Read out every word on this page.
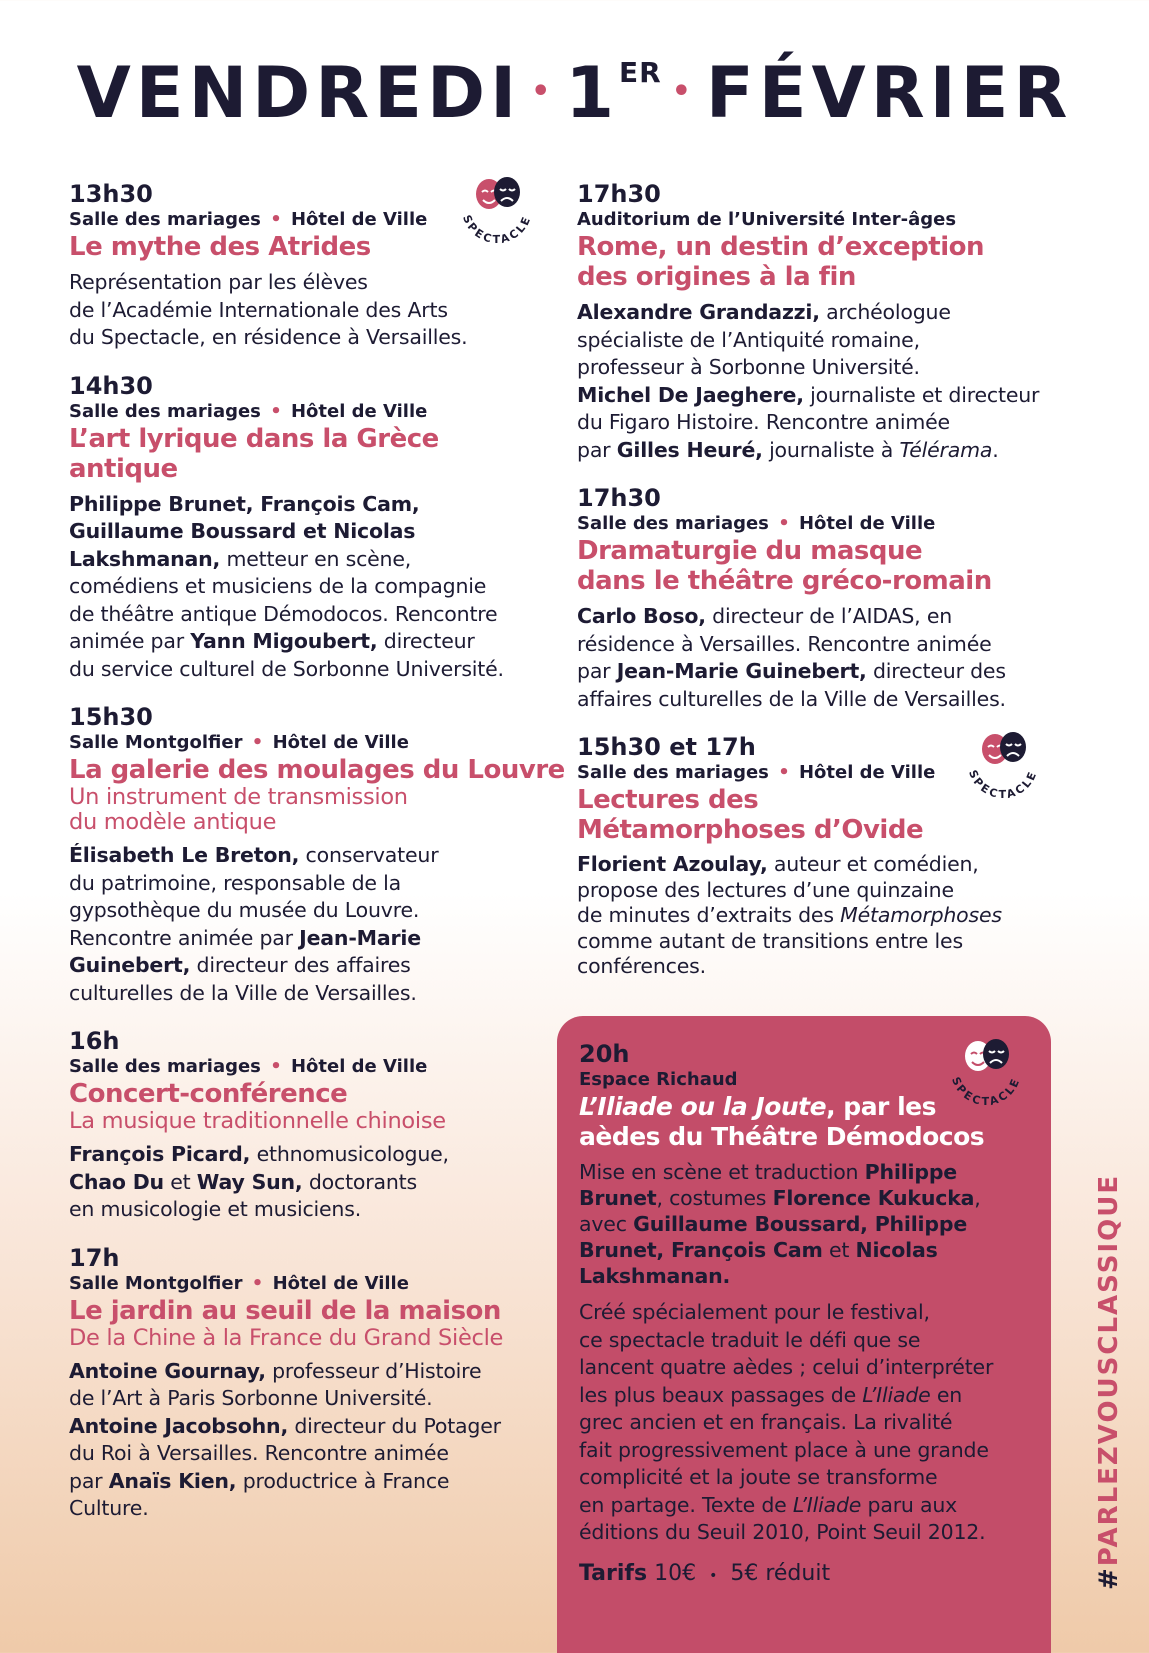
VENDREDI • 1ER• FÉVRIER
SPECTACLE
13h30
Salle des mariages • Hôtel de Ville
Le mythe des Atrides
Représentation par les élèves
de l’Académie Internationale des Arts
du Spectacle, en résidence à Versailles.
14h30
Salle des mariages • Hôtel de Ville
L’art lyrique dans la Grèce antique
Philippe Brunet, François Cam,
Guillaume Boussard et Nicolas
Lakshmanan, metteur en scène,
comédiens et musiciens de la compagnie
de théâtre antique Démodocos. Rencontre
animée par Yann Migoubert, directeur
du service culturel de Sorbonne Université.
15h30
Salle Montgolfier • Hôtel de Ville
La galerie des moulages du Louvre
Un instrument de transmission
du modèle antique
Élisabeth Le Breton, conservateur
du patrimoine, responsable de la
gypsothèque du musée du Louvre.
Rencontre animée par Jean-Marie
Guinebert, directeur des affaires
culturelles de la Ville de Versailles.
16h
Salle des mariages • Hôtel de Ville
Concert-conférence
La musique traditionnelle chinoise
François Picard, ethnomusicologue,
Chao Du et Way Sun, doctorants
en musicologie et musiciens.
17h
Salle Montgolfier • Hôtel de Ville
Le jardin au seuil de la maison
De la Chine à la France du Grand Siècle
Antoine Gournay, professeur d’Histoire
de l’Art à Paris Sorbonne Université.
Antoine Jacobsohn, directeur du Potager
du Roi à Versailles. Rencontre animée
par Anaïs Kien, productrice à France
Culture.
17h30
Auditorium de l’Université Inter-âges
Rome, un destin d’exception
des origines à la fin
Alexandre Grandazzi, archéologue
spécialiste de l’Antiquité romaine,
professeur à Sorbonne Université.
Michel De Jaeghere, journaliste et directeur
du Figaro Histoire. Rencontre animée
par Gilles Heuré, journaliste à Télérama.
17h30
Salle des mariages • Hôtel de Ville
Dramaturgie du masque
dans le théâtre gréco-romain
Carlo Boso, directeur de l’AIDAS, en
résidence à Versailles. Rencontre animée
par Jean-Marie Guinebert, directeur des
affaires culturelles de la Ville de Versailles.
SPECTACLE
15h30 et 17h
Salle des mariages • Hôtel de Ville
Lectures des
Métamorphoses d’Ovide
Florient Azoulay, auteur et comédien,
propose des lectures d’une quinzaine
de minutes d’extraits des Métamorphoses
comme autant de transitions entre les
conférences.
SPECTACLE
20h
Espace Richaud
L’Iliade ou la Joute, par les
aèdes du Théâtre Démodocos
Mise en scène et traduction Philippe
Brunet, costumes Florence Kukucka,
avec Guillaume Boussard, Philippe
Brunet, François Cam et Nicolas
Lakshmanan.
Créé spécialement pour le festival,
ce spectacle traduit le défi que se
lancent quatre aèdes ; celui d’interpréter
les plus beaux passages de L’Iliade en
grec ancien et en français. La rivalité
fait progressivement place à une grande
complicité et la joute se transforme
en partage. Texte de L’Iliade paru aux
éditions du Seuil 2010, Point Seuil 2012.
Tarifs 10€ • 5€ réduit	#PARLEZVOUSCLASSIQUE
